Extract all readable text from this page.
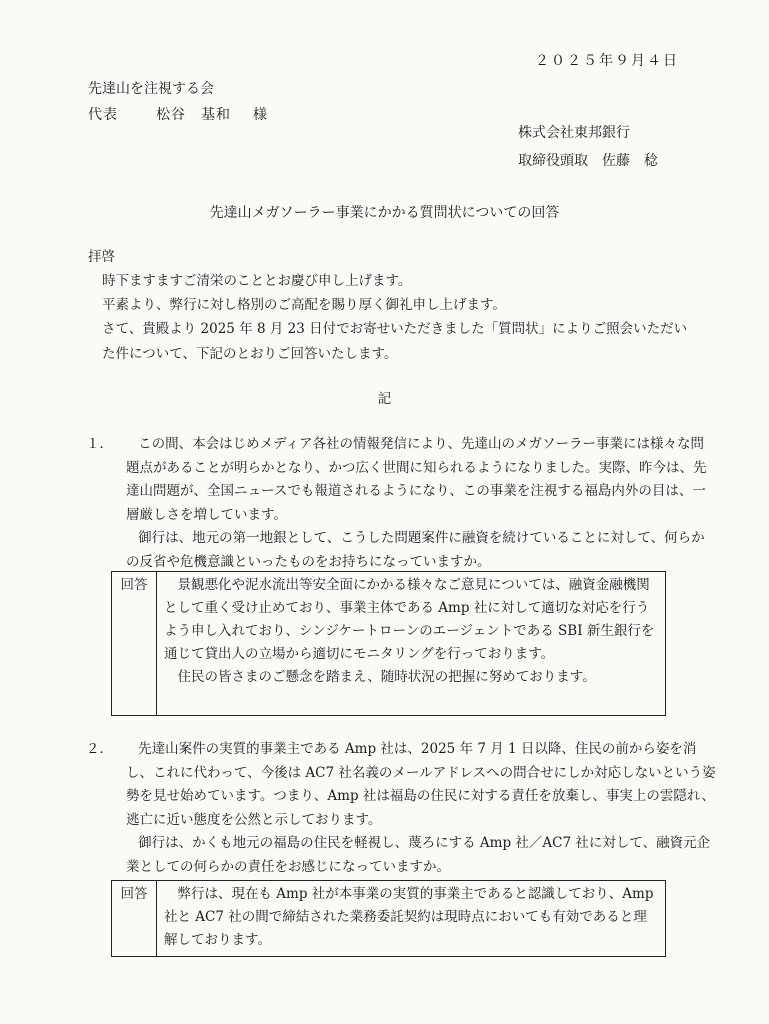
２０２５年９月４日
先達山を注視する会
代表	松谷　基和 様
株式会社東邦銀行
取締役頭取　佐藤　稔
先達山メガソーラー事業にかかる質問状についての回答

拝啓

時下ますますご清栄のこととお慶び申し上げます。

平素より、弊行に対し格別のご高配を賜り厚く御礼申し上げます。

さて、貴殿より 2025 年 8 月 23 日付でお寄せいただきました「質問状」によりご照会いただいた件について、下記のとおりご回答いたします。

記
１．	この間、本会はじめメディア各社の情報発信により、先達山のメガソーラー事業には様々な問題点があることが明らかとなり、かつ広く世間に知られるようになりました。実際、昨今は、先達山問題が、全国ニュースでも報道されるようになり、この事業を注視する福島内外の目は、一層厳しさを増しています。

御行は、地元の第一地銀として、こうした問題案件に融資を続けていることに対して、何らかの反省や危機意識といったものをお持ちになっていますか。

回答	景観悪化や泥水流出等安全面にかかる様々なご意見については、融資金融機関として重く受け止めており、事業主体である Amp 社に対して適切な対応を行うよう申し入れており、シンジケートローンのエージェントである SBI 新生銀行を通じて貸出人の立場から適切にモニタリングを行っております。

住民の皆さまのご懸念を踏まえ、随時状況の把握に努めております。

２．	先達山案件の実質的事業主である Amp 社は、2025 年 7 月 1 日以降、住民の前から姿を消し、これに代わって、今後は AC7 社名義のメールアドレスへの問合せにしか対応しないという姿勢を見せ始めています。つまり、Amp 社は福島の住民に対する責任を放棄し、事実上の雲隠れ、逃亡に近い態度を公然と示しております。

御行は、かくも地元の福島の住民を軽視し、蔑ろにする Amp 社／AC7 社に対して、融資元企業としての何らかの責任をお感じになっていますか。

回答	弊行は、現在も Amp 社が本事業の実質的事業主であると認識しており、Amp 社と AC7 社の間で締結された業務委託契約は現時点においても有効であると理解しております。
